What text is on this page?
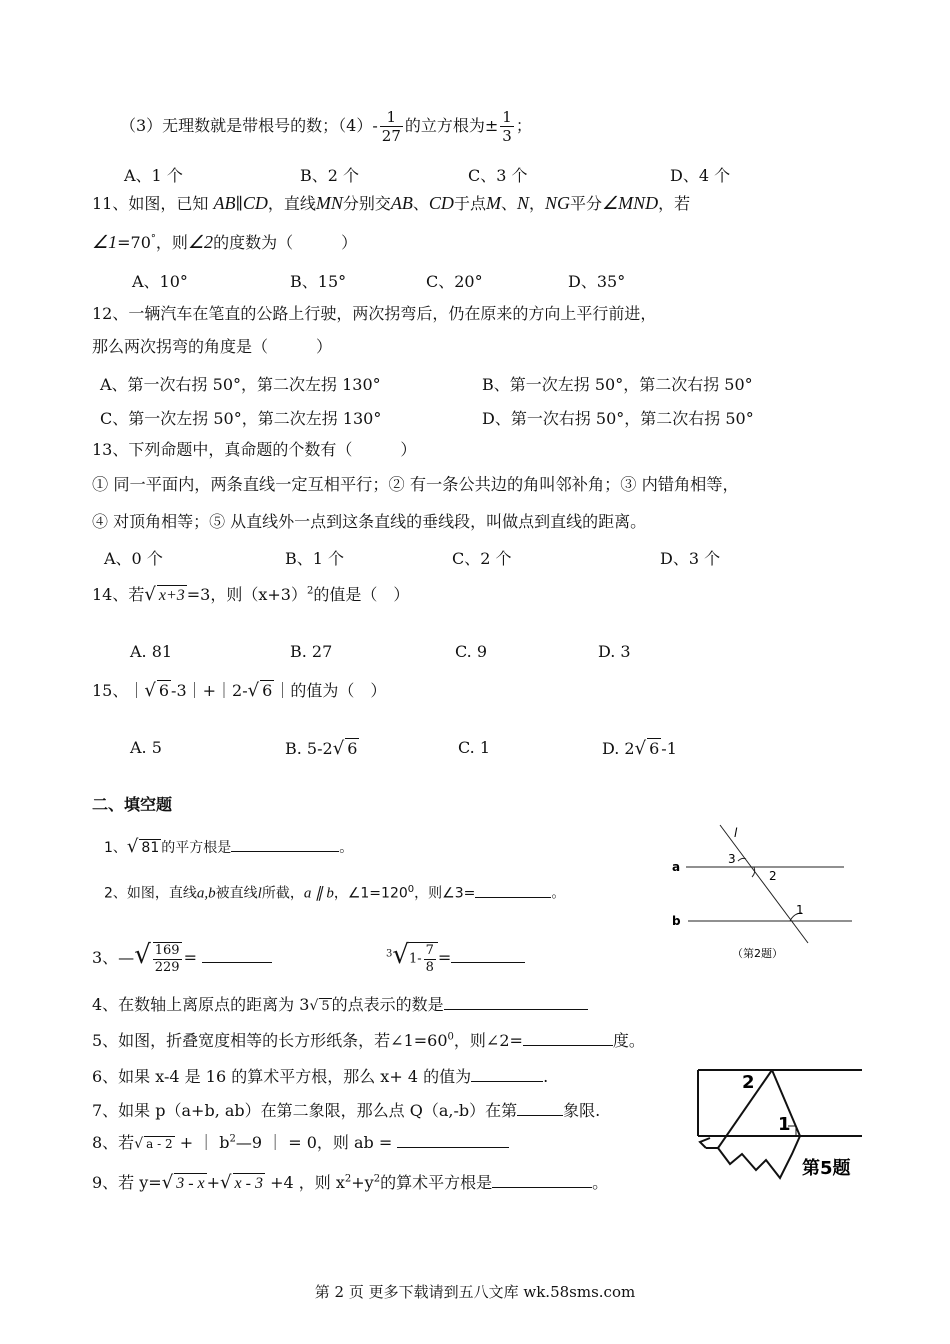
（3）无理数就是带根号的数；$(4)- \frac{1}{27}$ 的立方根为± $\frac{1}{3}$ ；
A、1 个	B、2 个	C、3 个	D、4 个
11、如图，已知 AB∥CD，直线MN分别交AB、CD于点M、N，NG平分∠MND，若
∠1=70°，则∠2的度数为（　　　）
A、10°	B、15°	C、20°	D、35°
12、一辆汽车在笔直的公路上行驶，两次拐弯后，仍在原来的方向上平行前进，
那么两次拐弯的角度是（　　　）
A、第一次右拐 50°，第二次左拐 130°	B、第一次左拐 50°，第二次右拐 50°
C、第一次左拐 50°，第二次左拐 130°	D、第一次右拐 50°，第二次右拐 50°
13、下列命题中，真命题的个数有（　　　）
① 同一平面内，两条直线一定互相平行；② 有一条公共边的角叫邻补角；③ 内错角相等，
④ 对顶角相等；⑤ 从直线外一点到这条直线的垂线段，叫做点到直线的距离。
A、0 个	B、1 个	C、2 个	D、3 个
14、若√ x+3 =3，则$(x+3)^2$的值是（　）
A. 81	B. 27	C. 9	D. 3
15、｜√ 6 -3｜+｜2-√ 6 ｜的值为（　）
A. 5	B. 5-2√ 6	C. 1	D. 2√ 6 -1
二、填空题
1、√ 81 的平方根是	。
2、如图，直线a,b被直线l所截，a ∥ b，$\angle 1=120^0$，则∠3=	。
l
a
b
3
2
1
（第2题）
3、—√ $\frac{169}{229}$ =	$^3√1- \frac{7}{8}$ =
4、在数轴上离原点的距离为 3√ 5 的点表示的数是
5、如图，折叠宽度相等的长方形纸条，若$\angle 1=60^0$，则∠2=	度。
6、如果 x-4 是 16 的算术平方根，那么 x+ 4 的值为	.
7、如果 p（a+b, ab）在第二象限，那么点 Q（a,-b）在第	象限.
8、若√ a - 2 + ｜ $b^2—9$ ｜ = 0，则 ab =
9、若 y=√ 3 - x +√ x - 3 +4 ，则 $x^2+y^2$的算术平方根是	。
2
1
第5题
第 2 页 更多下载请到五八文库 wk.58sms.com
